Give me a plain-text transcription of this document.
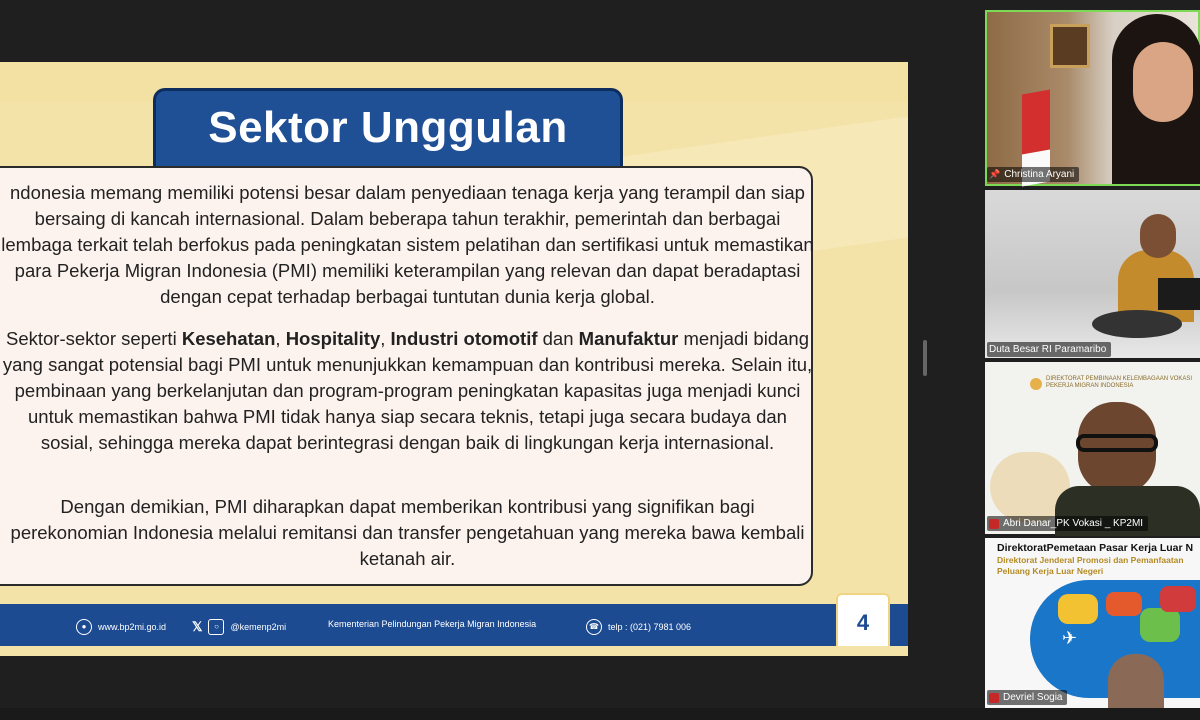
Sektor Unggulan
ndonesia memang memiliki potensi besar dalam penyediaan tenaga kerja yang terampil dan siap bersaing di kancah internasional. Dalam beberapa tahun terakhir, pemerintah dan berbagai lembaga terkait telah berfokus pada peningkatan sistem pelatihan dan sertifikasi untuk memastikan para Pekerja Migran Indonesia (PMI) memiliki keterampilan yang relevan dan dapat beradaptasi dengan cepat terhadap berbagai tuntutan dunia kerja global.
Sektor-sektor seperti Kesehatan, Hospitality, Industri otomotif dan Manufaktur menjadi bidang yang sangat potensial bagi PMI untuk menunjukkan kemampuan dan kontribusi mereka. Selain itu, pembinaan yang berkelanjutan dan program-program peningkatan kapasitas juga menjadi kunci untuk memastikan bahwa PMI tidak hanya siap secara teknis, tetapi juga secara budaya dan sosial, sehingga mereka dapat berintegrasi dengan baik di lingkungan kerja internasional.
Dengan demikian, PMI diharapkan dapat memberikan kontribusi yang signifikan bagi perekonomian Indonesia melalui remitansi dan transfer pengetahuan yang mereka bawa kembali ketanah air.
●	www.bp2mi.go.id 𝕏	○	@kemenp2mi	Kementerian Pelindungan Pekerja Migran Indonesia	☎	telp : (021) 7981 006	4
📌 Christina Aryani
Duta Besar RI Paramaribo
DIREKTORAT PEMBINAAN KELEMBAGAAN VOKASI PEKERJA MIGRAN INDONESIA
Abri Danar_PK Vokasi _ KP2MI
DirektoratPemetaan Pasar Kerja Luar N
Direktorat Jenderal Promosi dan Pemanfaatan Peluang Kerja Luar Negeri
✈
Devriel Sogia
